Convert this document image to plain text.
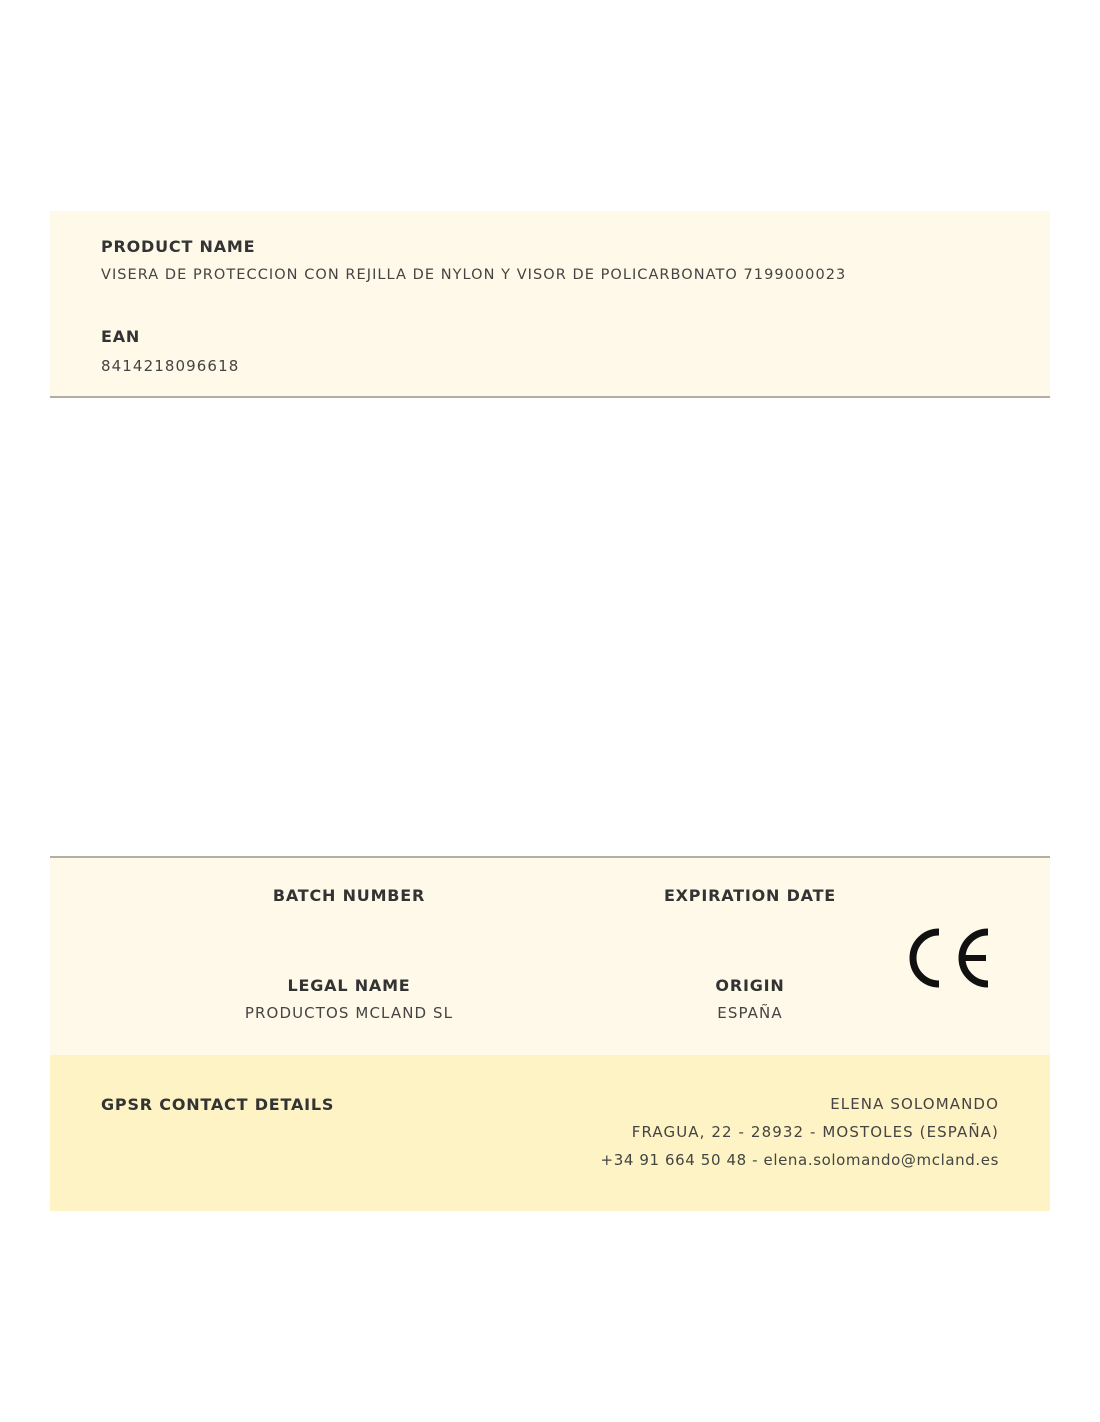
PRODUCT NAME
VISERA DE PROTECCION CON REJILLA DE NYLON Y VISOR DE POLICARBONATO 7199000023
EAN
8414218096618
BATCH NUMBER	EXPIRATION DATE
LEGAL NAME
PRODUCTOS MCLAND SL
ORIGIN
ESPAÑA
GPSR CONTACT DETAILS	ELENA SOLOMANDO
FRAGUA, 22 - 28932 - MOSTOLES (ESPAÑA)
+34 91 664 50 48 - elena.solomando@mcland.es
